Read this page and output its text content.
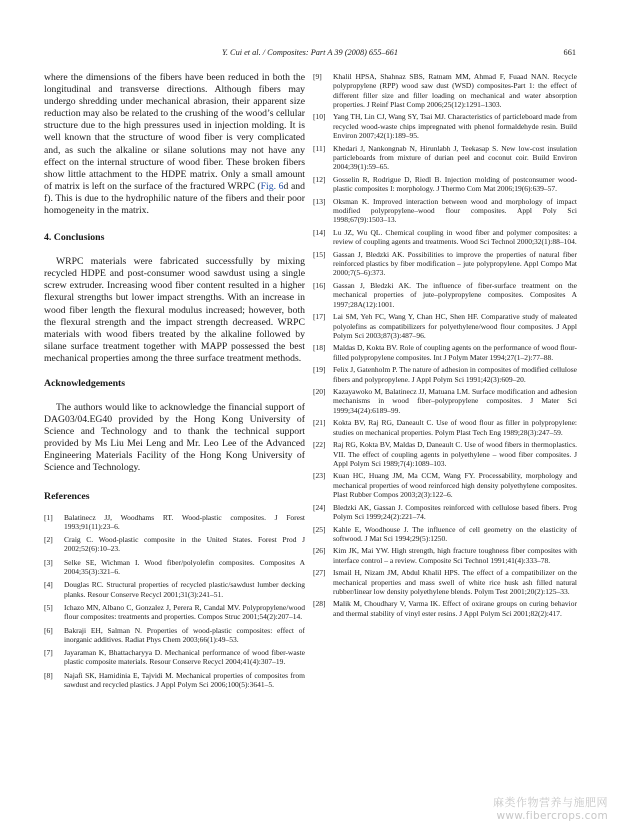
Y. Cui et al. / Composites: Part A 39 (2008) 655–661	661

where the dimensions of the fibers have been reduced in both the longitudinal and transverse directions. Although fibers may undergo shredding under mechanical abrasion, their apparent size reduction may also be related to the crushing of the wood’s cellular structure due to the high pressures used in injection molding. It is well known that the structure of wood fiber is very complicated and, as such the alkaline or silane solutions may not have any effect on the internal structure of wood fiber. These broken fibers show little attachment to the HDPE matrix. Only a small amount of matrix is left on the surface of the fractured WRPC (Fig. 6d and f). This is due to the hydrophilic nature of the fibers and their poor homogeneity in the matrix.

4. Conclusions

WRPC materials were fabricated successfully by mixing recycled HDPE and post-consumer wood sawdust using a single screw extruder. Increasing wood fiber content resulted in a higher flexural strengths but lower impact strengths. With an increase in wood fiber length the flexural modulus increased; however, both the flexural strength and the impact strength decreased. WRPC materials with wood fibers treated by the alkaline followed by silane surface treatment together with MAPP possessed the best mechanical properties among the three surface treatment methods.

Acknowledgements

The authors would like to acknowledge the financial support of DAG03/04.EG40 provided by the Hong Kong University of Science and Technology and to thank the technical support provided by Ms Liu Mei Leng and Mr. Leo Lee of the Advanced Engineering Materials Facility of the Hong Kong University of Science and Technology.

References
[1] Balatinecz JJ, Woodhams RT. Wood-plastic composites. J Forest 1993;91(11):23–6.
[2] Craig C. Wood-plastic composite in the United States. Forest Prod J 2002;52(6):10–23.
[3] Selke SE, Wichman I. Wood fiber/polyolefin composites. Composites A 2004;35(3):321–6.
[4] Douglas RC. Structural properties of recycled plastic/sawdust lumber decking planks. Resour Conserve Recycl 2001;31(3):241–51.
[5] Ichazo MN, Albano C, Gonzalez J, Perera R, Candal MV. Polypropylene/wood flour composites: treatments and properties. Compos Struc 2001;54(2):207–14.
[6] Bakraji EH, Salman N. Properties of wood-plastic composites: effect of inorganic additives. Radiat Phys Chem 2003;66(1):49–53.
[7] Jayaraman K, Bhattacharyya D. Mechanical performance of wood fiber-waste plastic composite materials. Resour Conserve Recycl 2004;41(4):307–19.
[8] Najafi SK, Hamidinia E, Tajvidi M. Mechanical properties of composites from sawdust and recycled plastics. J Appl Polym Sci 2006;100(5):3641–5.
[9] Khalil HPSA, Shahnaz SBS, Ratnam MM, Ahmad F, Fuaad NAN. Recycle polypropylene (RPP) wood saw dust (WSD) composites-Part 1: the effect of different filler size and filler loading on mechanical and water absorption properties. J Reinf Plast Comp 2006;25(12):1291–1303.
[10] Yang TH, Lin CJ, Wang SY, Tsai MJ. Characteristics of particleboard made from recycled wood-waste chips impregnated with phenol formaldehyde resin. Build Environ 2007;42(1):189–95.
[11] Khedari J, Nankongnab N, Hirunlabh J, Teekasap S. New low-cost insulation particleboards from mixture of durian peel and coconut coir. Build Environ 2004;39(1):59–65.
[12] Gosselin R, Rodrigue D, Riedl B. Injection molding of postconsumer wood-plastic composites I: morphology. J Thermo Com Mat 2006;19(6):639–57.
[13] Oksman K. Improved interaction between wood and morphology of impact modified polypropylene–wood flour composites. Appl Poly Sci 1998;67(9):1503–13.
[14] Lu JZ, Wu QL. Chemical coupling in wood fiber and polymer composites: a review of coupling agents and treatments. Wood Sci Technol 2000;32(1):88–104.
[15] Gassan J, Bledzki AK. Possibilities to improve the properties of natural fiber reinforced plastics by fiber modification – jute polypropylene. Appl Compo Mat 2000;7(5–6):373.
[16] Gassan J, Bledzki AK. The influence of fiber-surface treatment on the mechanical properties of jute–polypropylene composites. Composites A 1997;28A(12):1001.
[17] Lai SM, Yeh FC, Wang Y, Chan HC, Shen HF. Comparative study of maleated polyolefins as compatibilizers for polyethylene/wood flour composites. J Appl Polym Sci 2003;87(3):487–96.
[18] Maldas D, Kokta BV. Role of coupling agents on the performance of wood flour-filled polypropylene composites. Int J Polym Mater 1994;27(1–2):77–88.
[19] Felix J, Gatenholm P. The nature of adhesion in composites of modified cellulose fibers and polypropylene. J Appl Polym Sci 1991;42(3):609–20.
[20] Kazayawoko M, Balatinecz JJ, Matuana LM. Surface modification and adhesion mechanisms in wood fiber–polypropylene composites. J Mater Sci 1999;34(24):6189–99.
[21] Kokta BV, Raj RG, Daneault C. Use of wood flour as filler in polypropylene: studies on mechanical properties. Polym Plast Tech Eng 1989;28(3):247–59.
[22] Raj RG, Kokta BV, Maldas D, Daneault C. Use of wood fibers in thermoplastics. VII. The effect of coupling agents in polyethylene – wood fiber composites. J Appl Polym Sci 1989;7(4):1089–103.
[23] Kuan HC, Huang JM, Ma CCM, Wang FY. Processability, morphology and mechanical properties of wood reinforced high density polyethylene composites. Plast Rubber Compos 2003;2(3):122–6.
[24] Bledzki AK, Gassan J. Composites reinforced with cellulose based fibers. Prog Polym Sci 1999;24(2):221–74.
[25] Kahle E, Woodhouse J. The influence of cell geometry on the elasticity of softwood. J Mat Sci 1994;29(5):1250.
[26] Kim JK, Mai YW. High strength, high fracture toughness fiber composites with interface control – a review. Composite Sci Technol 1991;41(4):333–78.
[27] Ismail H, Nizam JM, Abdul Khalil HPS. The effect of a compatibilizer on the mechanical properties and mass swell of white rice husk ash filled natural rubber/linear low density polyethylene blends. Polym Test 2001;20(2):125–33.
[28] Malik M, Choudhary V, Varma IK. Effect of oxirane groups on curing behavior and thermal stability of vinyl ester resins. J Appl Polym Sci 2001;82(2):417.
麻类作物营养与施肥网
www.fibercrops.com
